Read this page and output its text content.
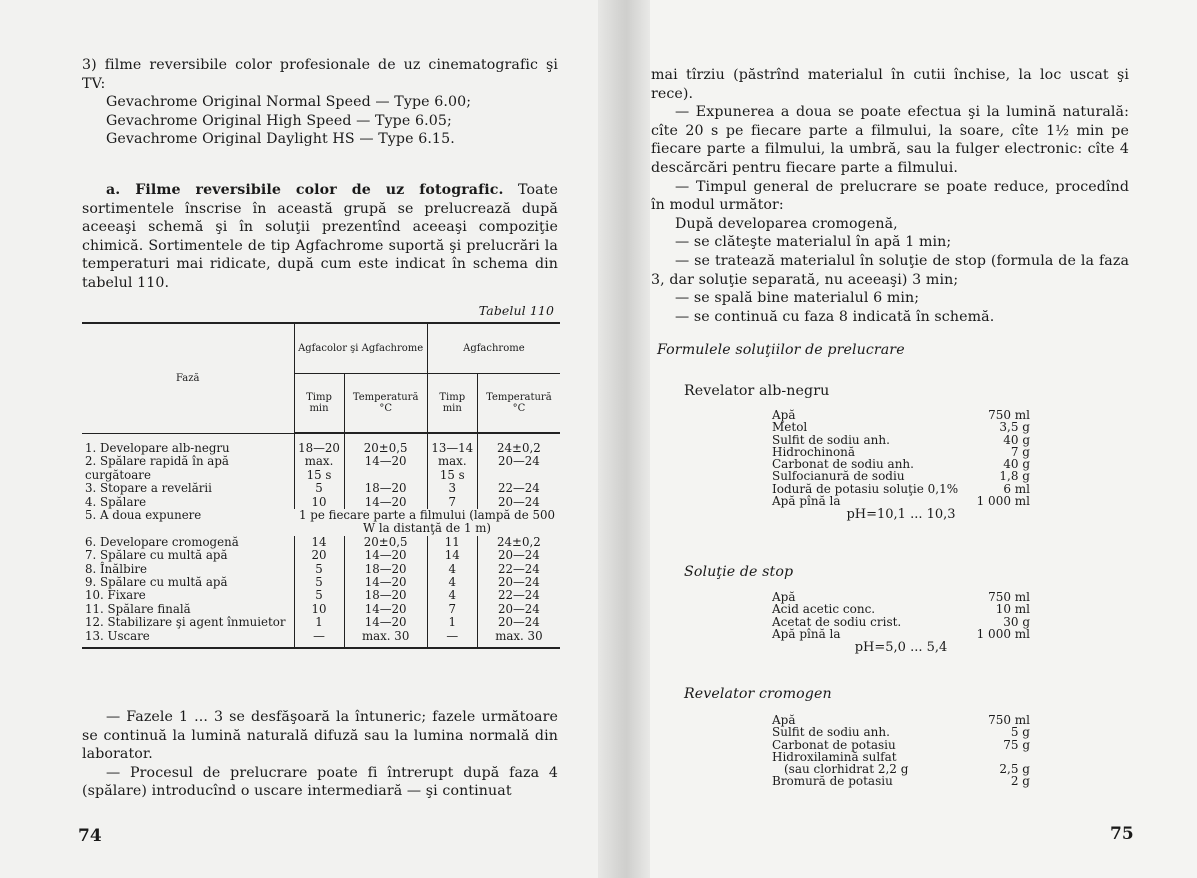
3) filme reversibile color profesionale de uz cinematografic şi TV:
Gevachrome Original Normal Speed — Type 6.00;
Gevachrome Original High Speed — Type 6.05;
Gevachrome Original Daylight HS — Type 6.15.
a. Filme reversibile color de uz fotografic. Toate sortimentele înscrise în această grupă se prelucrează după aceeaşi schemă şi în soluţii prezentînd aceeaşi compoziţie chimică. Sortimentele de tip Agfachrome suportă şi prelucrări la temperaturi mai ridicate, după cum este indicat în schema din tabelul 110.
Tabelul 110
Fază	Agfacolor şi Agfachrome		Agfachrome	
	Timp min	Temperatură °C	Timp min	Temperatură °C
1. Developare alb-negru	18—20	20±0,5	13—14	24±0,2
2. Spălare rapidă în apă curgătoare	max. 15 s	14—20	max. 15 s	20—24
3. Stopare a revelării	5	18—20	3	22—24
4. Spălare	10	14—20	7	20—24
5. A doua expunere	1 pe fiecare parte a filmului (lampă de 500 W la distanţă de 1 m)			
6. Developare cromogenă	14	20±0,5	11	24±0,2
7. Spălare cu multă apă	20	14—20	14	20—24
8. Înălbire	5	18—20	4	22—24
9. Spălare cu multă apă	5	14—20	4	20—24
10. Fixare	5	18—20	4	22—24
11. Spălare finală	10	14—20	7	20—24
12. Stabilizare şi agent înmuietor	1	14—20	1	20—24
13. Uscare	—	max. 30	—	max. 30
— Fazele 1 ... 3 se desfăşoară la întuneric; fazele următoare se continuă la lumină naturală difuză sau la lumina normală din laborator.
— Procesul de prelucrare poate fi întrerupt după faza 4 (spălare) introducînd o uscare intermediară — şi continuat
74
mai tîrziu (păstrînd materialul în cutii închise, la loc uscat şi rece).
— Expunerea a doua se poate efectua şi la lumină naturală: cîte 20 s pe fiecare parte a filmului, la soare, cîte 1½ min pe fiecare parte a filmului, la umbră, sau la fulger electronic: cîte 4 descărcări pentru fiecare parte a filmului.
— Timpul general de prelucrare se poate reduce, procedînd în modul următor:
După developarea cromogenă,
— se clăteşte materialul în apă 1 min;
— se tratează materialul în soluţie de stop (formula de la faza 3, dar soluţie separată, nu aceeaşi) 3 min;
— se spală bine materialul 6 min;
— se continuă cu faza 8 indicată în schemă.
Formulele soluţiilor de prelucrare
Revelator alb-negru
Apă	750 ml
Metol	3,5 g
Sulfit de sodiu anh.	40 g
Hidrochinonă	7 g
Carbonat de sodiu anh.	40 g
Sulfocianură de sodiu	1,8 g
Iodură de potasiu soluţie 0,1%	6 ml
Apă pînă la	1 000 ml
pH=10,1 ... 10,3
Soluţie de stop
Apă	750 ml
Acid acetic conc.	10 ml
Acetat de sodiu crist.	30 g
Apă pînă la	1 000 ml
pH=5,0 ... 5,4
Revelator cromogen
Apă	750 ml
Sulfit de sodiu anh.	5 g
Carbonat de potasiu	75 g
Hidroxilamină sulfat
(sau clorhidrat 2,2 g	2,5 g
Bromură de potasiu	2 g
75
